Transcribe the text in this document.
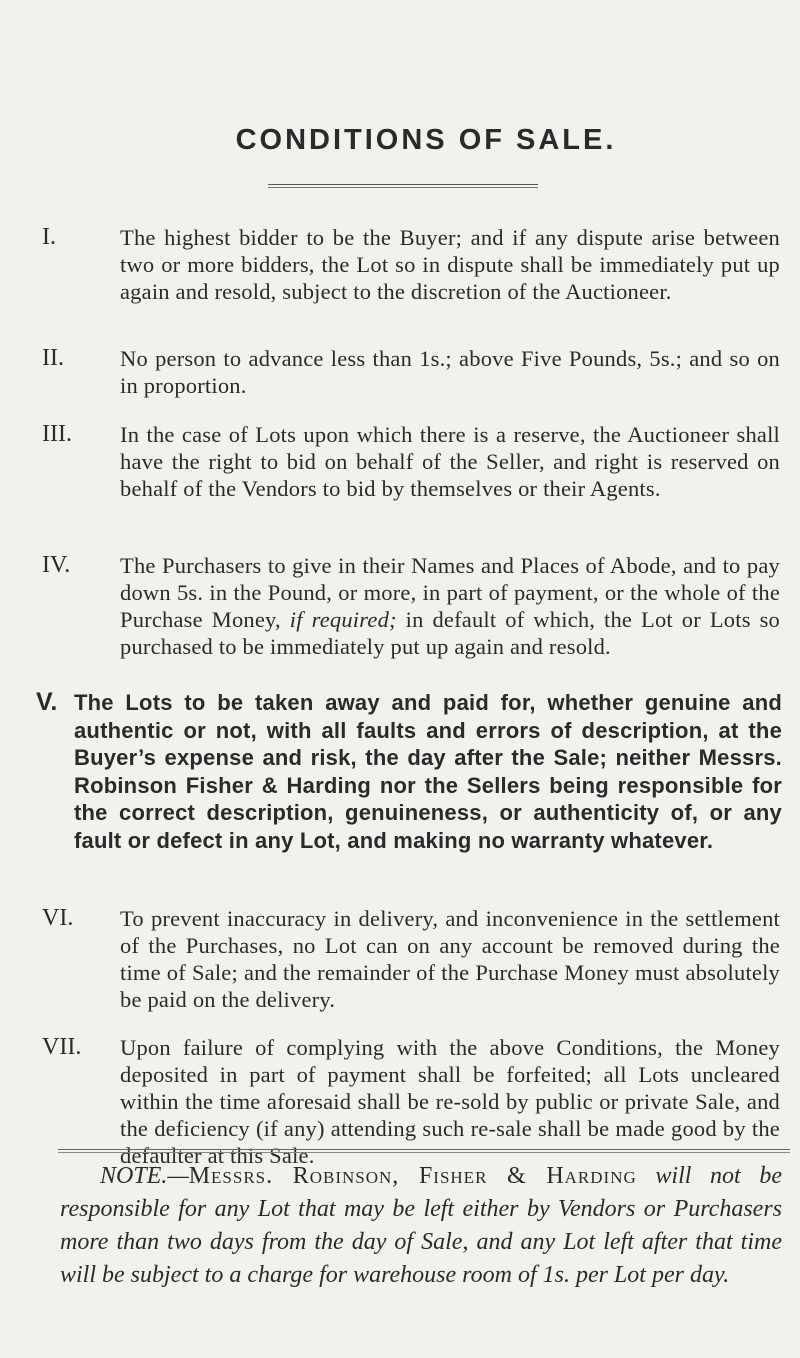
CONDITIONS OF SALE.
I.	The highest bidder to be the Buyer; and if any dispute arise between two or more bidders, the Lot so in dispute shall be immediately put up again and resold, subject to the discretion of the Auctioneer.
II.	No person to advance less than 1s.; above Five Pounds, 5s.; and so on in proportion.
III.	In the case of Lots upon which there is a reserve, the Auctioneer shall have the right to bid on behalf of the Seller, and right is reserved on behalf of the Vendors to bid by themselves or their Agents.
IV.	The Purchasers to give in their Names and Places of Abode, and to pay down 5s. in the Pound, or more, in part of payment, or the whole of the Purchase Money, if required; in default of which, the Lot or Lots so purchased to be immediately put up again and resold.
V. The Lots to be taken away and paid for, whether genuine and authentic or not, with all faults and errors of description, at the Buyer’s expense and risk, the day after the Sale; neither Messrs. Robinson Fisher & Harding nor the Sellers being responsible for the correct description, genuineness, or authenticity of, or any fault or defect in any Lot, and making no warranty whatever.
VI.	To prevent inaccuracy in delivery, and inconvenience in the settlement of the Purchases, no Lot can on any account be removed during the time of Sale; and the remainder of the Purchase Money must absolutely be paid on the delivery.
VII.	Upon failure of complying with the above Conditions, the Money deposited in part of payment shall be forfeited; all Lots uncleared within the time aforesaid shall be re-sold by public or private Sale, and the deficiency (if any) attending such re-sale shall be made good by the defaulter at this Sale.
NOTE.—Messrs. Robinson, Fisher & Harding will not be responsible for any Lot that may be left either by Vendors or Purchasers more than two days from the day of Sale, and any Lot left after that time will be subject to a charge for warehouse room of 1s. per Lot per day.
